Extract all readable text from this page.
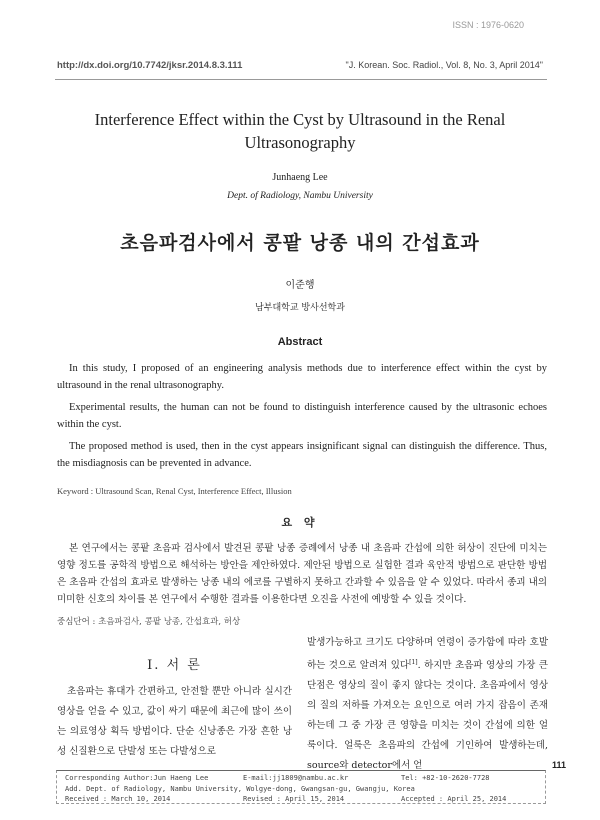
ISSN : 1976-0620
http://dx.doi.org/10.7742/jksr.2014.8.3.111	"J. Korean. Soc. Radiol., Vol. 8, No. 3, April 2014"
Interference Effect within the Cyst by Ultrasound in the Renal Ultrasonography
Junhaeng Lee
Dept. of Radiology, Nambu University
초음파검사에서 콩팥 낭종 내의 간섭효과
이준행
남부대학교 방사선학과
Abstract

In this study, I proposed of an engineering analysis methods due to interference effect within the cyst by ultrasound in the renal ultrasonography.

Experimental results, the human can not be found to distinguish interference caused by the ultrasonic echoes within the cyst.

The proposed method is used, then in the cyst appears insignificant signal can distinguish the difference. Thus, the misdiagnosis can be prevented in advance.

Keyword : Ultrasound Scan, Renal Cyst, Interference Effect, Illusion
요 약

본 연구에서는 콩팥 초음파 검사에서 발견된 콩팥 낭종 증례에서 낭종 내 초음파 간섭에 의한 허상이 진단에 미치는 영향 정도를 공학적 방법으로 해석하는 방안을 제안하였다. 제안된 방법으로 실험한 결과 육안적 방법으로 판단한 방법은 초음파 간섭의 효과로 발생하는 낭종 내의 에코를 구별하지 못하고 간과할 수 있음을 알 수 있었다. 따라서 종괴 내의 미미한 신호의 차이를 본 연구에서 수행한 결과를 이용한다면 오진을 사전에 예방할 수 있을 것이다.

중심단어 : 초음파검사, 콩팥 낭종, 간섭효과, 허상
Ⅰ. 서 론

초음파는 휴대가 간편하고, 안전할 뿐만 아니라 실시간 영상을 얻을 수 있고, 값이 싸기 때문에 최근에 많이 쓰이는 의료영상 획득 방법이다. 단순 신낭종은 가장 흔한 낭성 신질환으로 단발성 또는 다발성으로

발생가능하고 크기도 다양하며 연령이 증가함에 따라 호발하는 것으로 알려져 있다[1]. 하지만 초음파 영상의 가장 큰 단점은 영상의 질이 좋지 않다는 것이다. 초음파에서 영상의 질의 저하를 가져오는 요인으로 여러 가지 잡음이 존재하는데 그 중 가장 큰 영향을 미치는 것이 간섭에 의한 얼룩이다. 얼룩은 초음파의 간섭에 기인하여 발생하는데, source와 detector에서 얻	111
Corresponding Author:Jun Haeng Lee	E-mail:jj1809@nambu.ac.kr	Tel: +82-10-2620-7728
Add. Dept. of Radiology, Nambu University, Wolgye-dong, Gwangsan-gu, Gwangju, Korea
Received : March 10, 2014	Revised : April 15, 2014	Accepted : April 25, 2014
